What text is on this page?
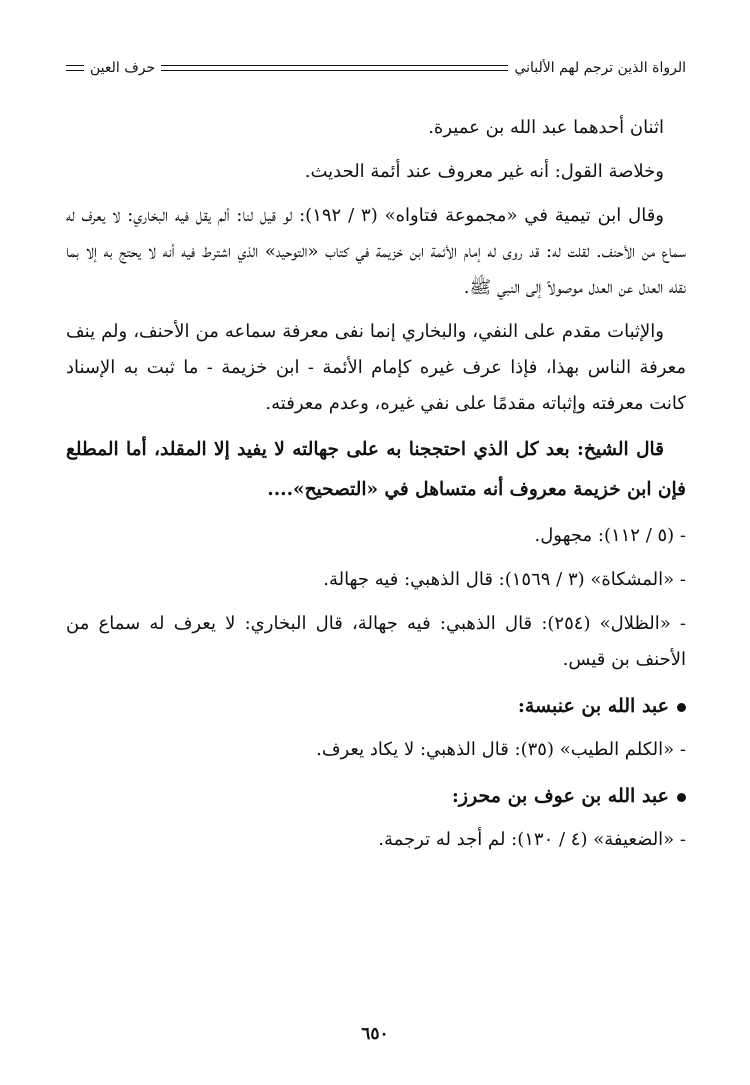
الرواة الذين ترجم لهم الألباني
حرف العين

اثنان أحدهما عبد الله بن عميرة.

وخلاصة القول: أنه غير معروف عند أئمة الحديث.

وقال ابن تيمية في «مجموعة فتاواه» (٣ / ١٩٢): لو قيل لنا: ألم يقل فيه البخاري: لا يعرف له سماع من الأحنف. لقلت له: قد روى له إمام الأئمة ابن خزيمة في كتاب «التوحيد» الذي اشترط فيه أنه لا يحتج به إلا بما نقله العدل عن العدل موصولاً إلى النبي ﷺ.

والإثبات مقدم على النفي، والبخاري إنما نفى معرفة سماعه من الأحنف، ولم ينف معرفة الناس بهذا، فإذا عرف غيره كإمام الأئمة - ابن خزيمة - ما ثبت به الإسناد كانت معرفته وإثباته مقدمًا على نفي غيره، وعدم معرفته.

قال الشيخ: بعد كل الذي احتججنا به على جهالته لا يفيد إلا المقلد، أما المطلع فإن ابن خزيمة معروف أنه متساهل في «التصحيح»....

- (٥ / ١١٢): مجهول.

- «المشكاة» (٣ / ١٥٦٩): قال الذهبي: فيه جهالة.

- «الظلال» (٢٥٤): قال الذهبي: فيه جهالة، قال البخاري: لا يعرف له سماع من الأحنف بن قيس.

عبد الله بن عنبسة:

- «الكلم الطيب» (٣٥): قال الذهبي: لا يكاد يعرف.

عبد الله بن عوف بن محرز:

- «الضعيفة» (٤ / ١٣٠): لم أجد له ترجمة.

٦٥٠
